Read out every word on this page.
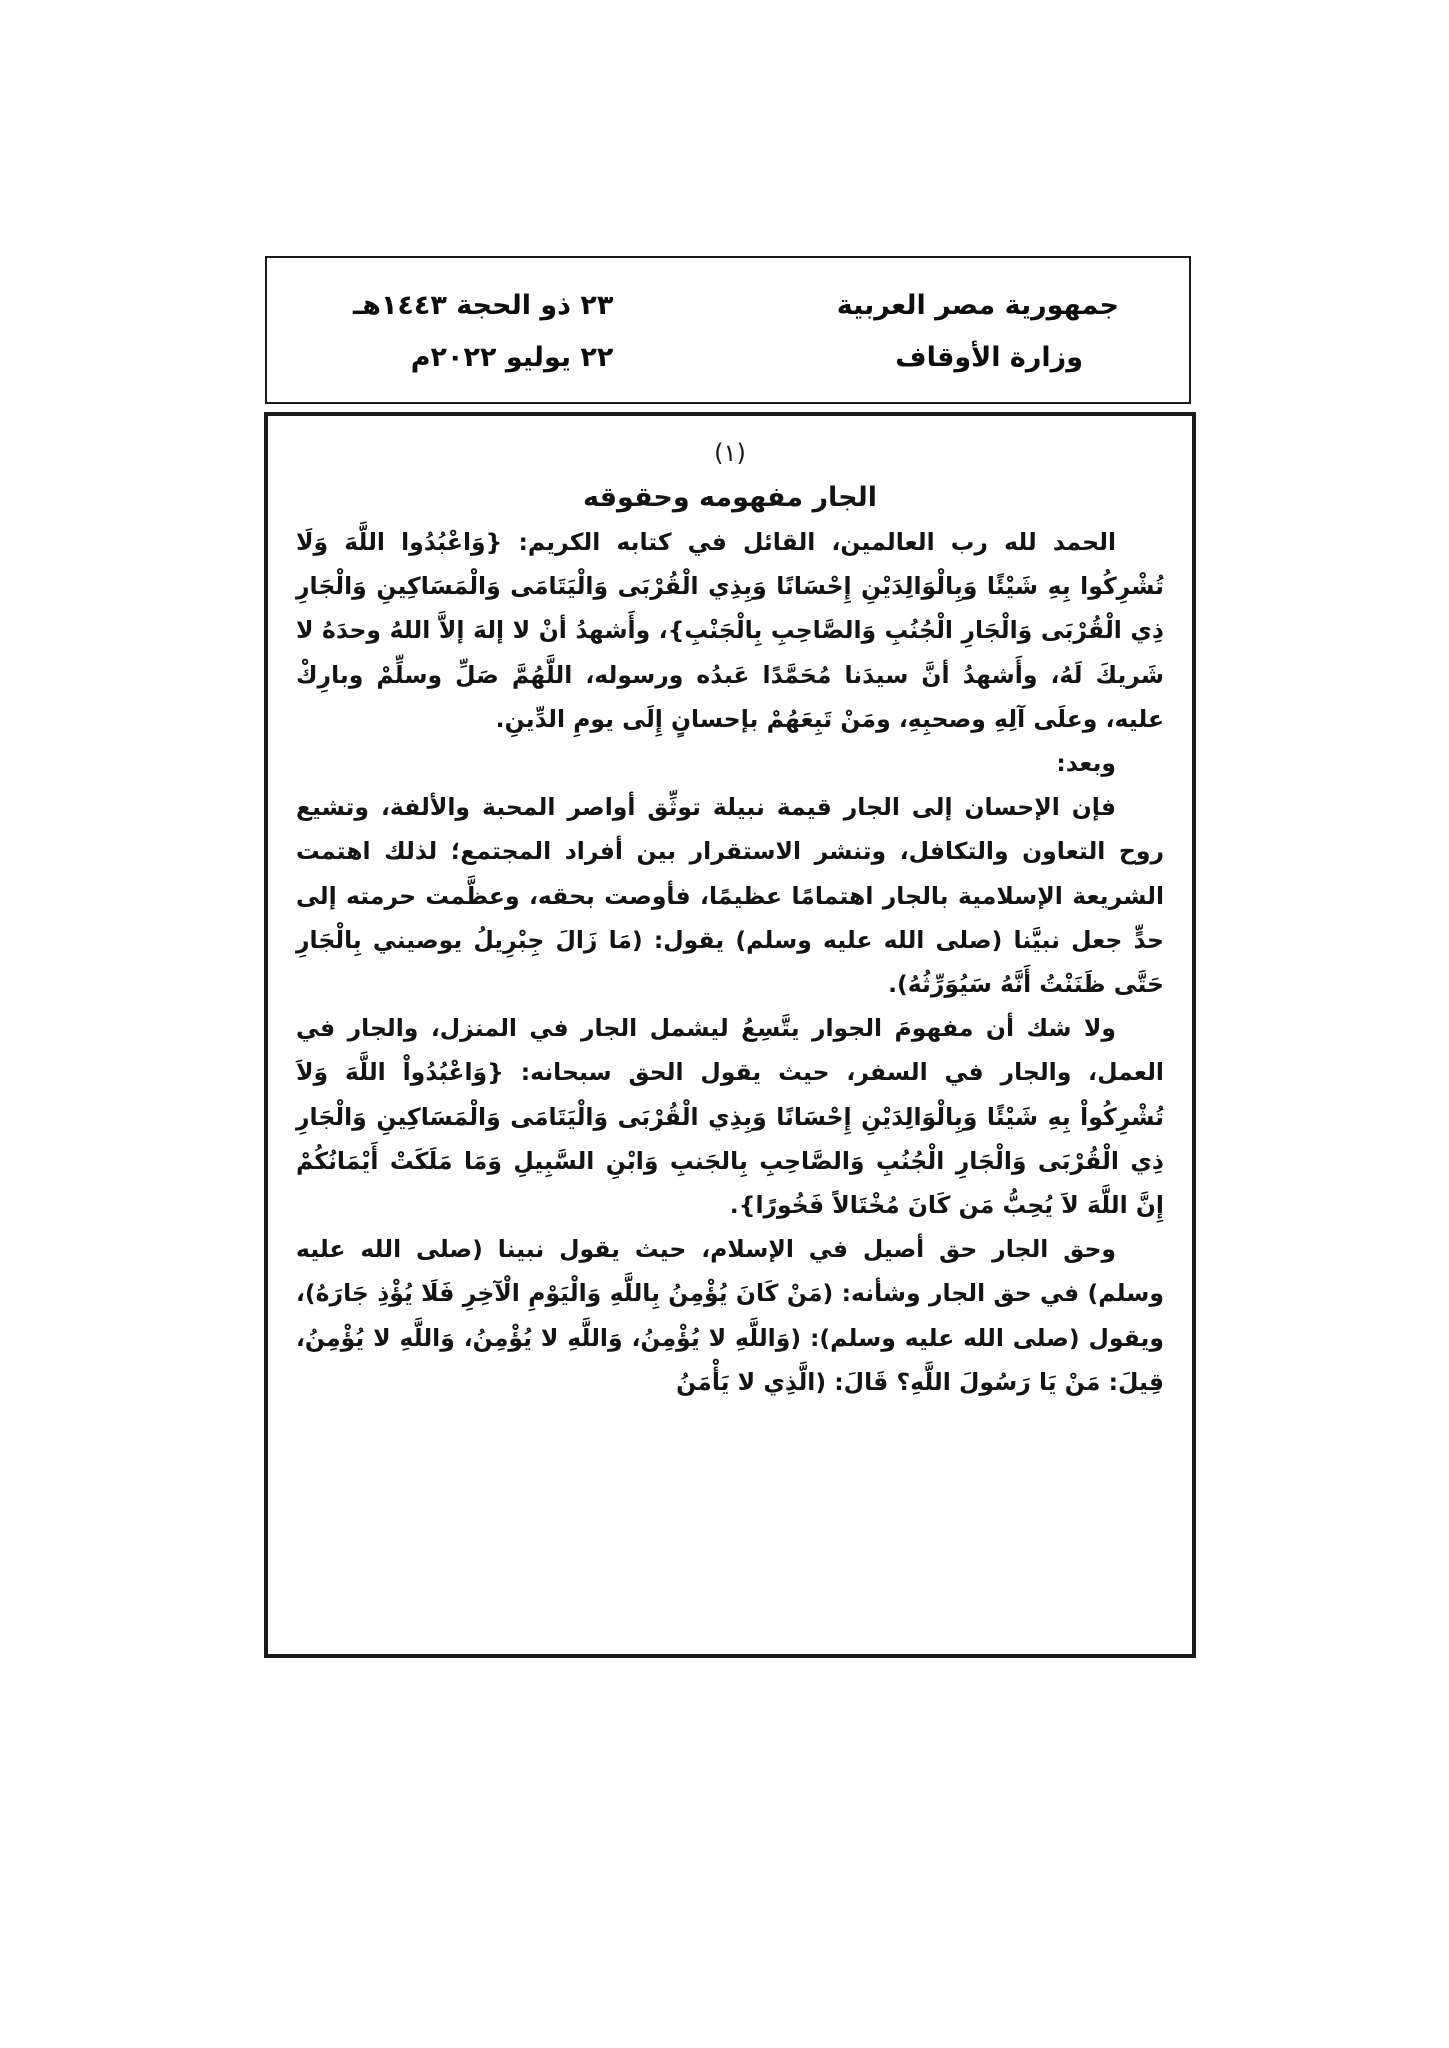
جمهورية مصر العربية
وزارة الأوقاف
٢٣ ذو الحجة ١٤٤٣هـ
٢٢ يوليو ٢٠٢٢م
(١)
الجار مفهومه وحقوقه

الحمد لله رب العالمين، القائل في كتابه الكريم: {وَاعْبُدُوا اللَّهَ وَلَا تُشْرِكُوا بِهِ شَيْئًا وَبِالْوَالِدَيْنِ إِحْسَانًا وَبِذِي الْقُرْبَى وَالْيَتَامَى وَالْمَسَاكِينِ وَالْجَارِ ذِي الْقُرْبَى وَالْجَارِ الْجُنُبِ وَالصَّاحِبِ بِالْجَنْبِ}، وأَشهدُ أنْ لا إلهَ إلاَّ اللهُ وحدَهُ لا شَريكَ لَهُ، وأَشهدُ أنَّ سيدَنا مُحَمَّدًا عَبدُه ورسوله، اللَّهُمَّ صَلِّ وسلِّمْ وبارِكْ عليه، وعلَى آلِهِ وصحبِهِ، ومَنْ تَبِعَهُمْ بإحسانٍ إِلَى يومِ الدِّينِ.

وبعد:

فإن الإحسان إلى الجار قيمة نبيلة توثِّق أواصر المحبة والألفة، وتشيع روح التعاون والتكافل، وتنشر الاستقرار بين أفراد المجتمع؛ لذلك اهتمت الشريعة الإسلامية بالجار اهتمامًا عظيمًا، فأوصت بحقه، وعظَّمت حرمته إلى حدٍّ جعل نبيَّنا (صلى الله عليه وسلم) يقول: (مَا زَالَ جِبْرِيلُ يوصيني بِالْجَارِ حَتَّى ظَنَنْتُ أَنَّهُ سَيُوَرِّثُهُ).

ولا شك أن مفهومَ الجوار يتَّسِعُ ليشمل الجار في المنزل، والجار في العمل، والجار في السفر، حيث يقول الحق سبحانه: {وَاعْبُدُواْ اللَّهَ وَلاَ تُشْرِكُواْ بِهِ شَيْئًا وَبِالْوَالِدَيْنِ إِحْسَانًا وَبِذِي الْقُرْبَى وَالْيَتَامَى وَالْمَسَاكِينِ وَالْجَارِ ذِي الْقُرْبَى وَالْجَارِ الْجُنُبِ وَالصَّاحِبِ بِالجَنبِ وَابْنِ السَّبِيلِ وَمَا مَلَكَتْ أَيْمَانُكُمْ إِنَّ اللَّهَ لاَ يُحِبُّ مَن كَانَ مُخْتَالاً فَخُورًا}.

وحق الجار حق أصيل في الإسلام، حيث يقول نبينا (صلى الله عليه وسلم) في حق الجار وشأنه: (مَنْ كَانَ يُؤْمِنُ بِاللَّهِ وَالْيَوْمِ الْآخِرِ فَلَا يُؤْذِ جَارَهُ)، ويقول (صلى الله عليه وسلم): (وَاللَّهِ لا يُؤْمِنُ، وَاللَّهِ لا يُؤْمِنُ، وَاللَّهِ لا يُؤْمِنُ، قِيلَ: مَنْ يَا رَسُولَ اللَّهِ؟ قَالَ: (الَّذِي لا يَأْمَنُ
